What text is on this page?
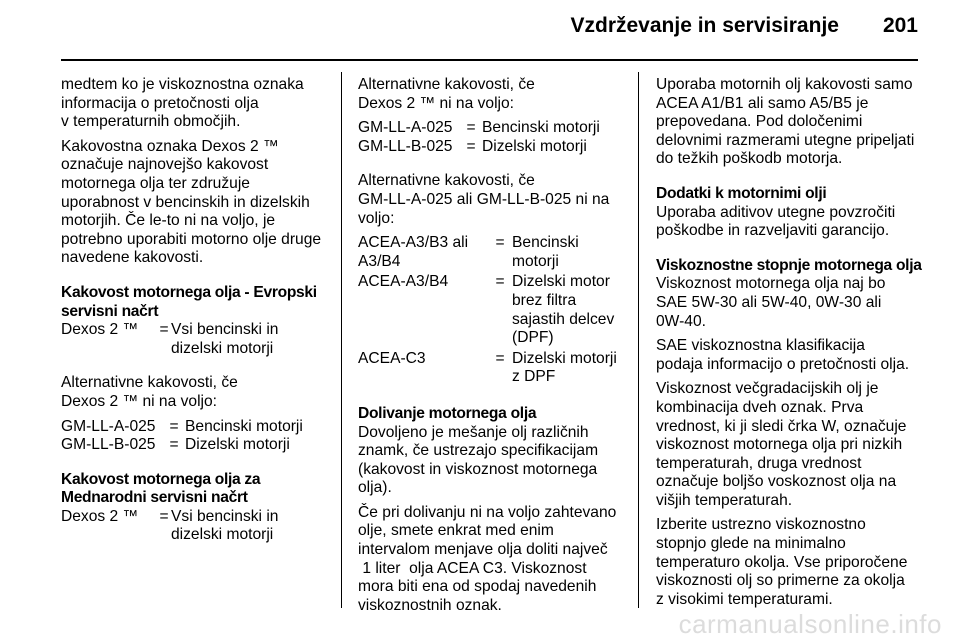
Vzdrževanje in servisiranje 201

medtem ko je viskoznostna oznaka
informacija o pretočnosti olja
v temperaturnih območjih.

Kakovostna oznaka Dexos 2 ™
označuje najnovejšo kakovost
motornega olja ter združuje
uporabnost v bencinskih in dizelskih
motorjih. Če le-to ni na voljo, je
potrebno uporabiti motorno olje druge
navedene kakovosti.

Kakovost motornega olja - Evropski
servisni načrt
Dexos 2 ™	=	Vsi bencinski in
dizelski motorji

Alternativne kakovosti, če
Dexos 2 ™ ni na voljo:

GM-LL-A-025	=	Bencinski motorji
GM-LL-B-025	=	Dizelski motorji
Kakovost motornega olja za
Mednarodni servisni načrt
Dexos 2 ™	=	Vsi bencinski in
dizelski motorji

Alternativne kakovosti, če
Dexos 2 ™ ni na voljo:

GM-LL-A-025	=	Bencinski motorji
GM-LL-B-025	=	Dizelski motorji

Alternativne kakovosti, če
GM-LL-A-025 ali GM-LL-B-025 ni na
voljo:

ACEA-A3/B3 ali
A3/B4	=	Bencinski
motorji

ACEA-A3/B4	=	Dizelski motor
brez filtra
sajastih delcev
(DPF)

ACEA-C3	=	Dizelski motorji
z DPF
Dolivanje motornega olja

Dovoljeno je mešanje olj različnih
znamk, če ustrezajo specifikacijam
(kakovost in viskoznost motornega
olja).

Če pri dolivanju ni na voljo zahtevano
olje, smete enkrat med enim
intervalom menjave olja doliti največ
1 liter  olja ACEA C3. Viskoznost
mora biti ena od spodaj navedenih
viskoznostnih oznak.

Uporaba motornih olj kakovosti samo
ACEA A1/B1 ali samo A5/B5 je
prepovedana. Pod določenimi
delovnimi razmerami utegne pripeljati
do težkih poškodb motorja.

Dodatki k motornimi olji

Uporaba aditivov utegne povzročiti
poškodbe in razveljaviti garancijo.

Viskoznostne stopnje motornega olja

Viskoznost motornega olja naj bo
SAE 5W-30 ali 5W-40, 0W-30 ali
0W-40.

SAE viskoznostna klasifikacija
podaja informacijo o pretočnosti olja.

Viskoznost večgradacijskih olj je
kombinacija dveh oznak. Prva
vrednost, ki ji sledi črka W, označuje
viskoznost motornega olja pri nizkih
temperaturah, druga vrednost
označuje boljšo voskoznost olja na
višjih temperaturah.

Izberite ustrezno viskoznostno
stopnjo glede na minimalno
temperaturo okolja. Vse priporočene
viskoznosti olj so primerne za okolja
z visokimi temperaturami.

carmanualsonline.info
